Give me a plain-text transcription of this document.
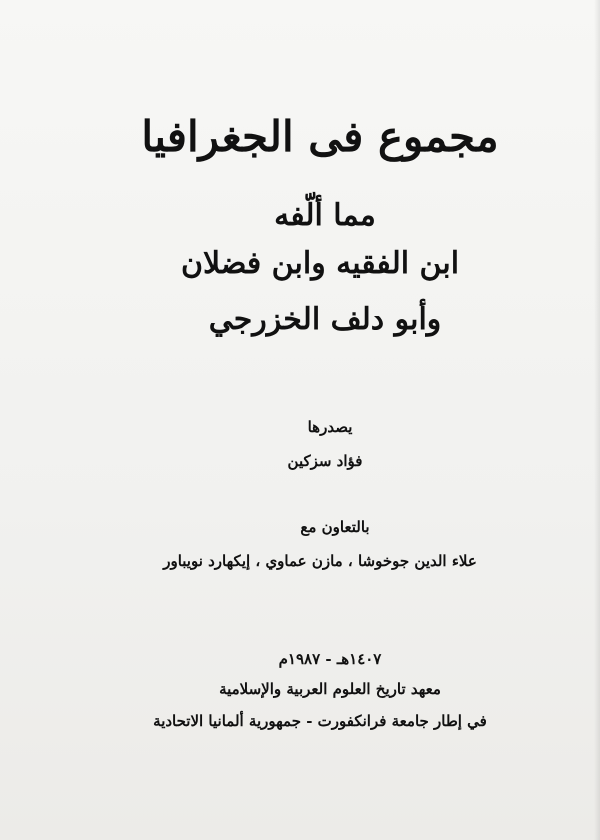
مجموع فى الجغرافيا
مما ألّفه
ابن الفقيه وابن فضلان
وأبو دلف الخزرجي
يصدرها
فؤاد سزكين
بالتعاون مع
علاء الدين جوخوشا ، مازن عماوي ، إيكهارد نويباور
١٤٠٧هـ - ١٩٨٧م
معهد تاريخ العلوم العربية والإسلامية
في إطار جامعة فرانكفورت - جمهورية ألمانيا الاتحادية
